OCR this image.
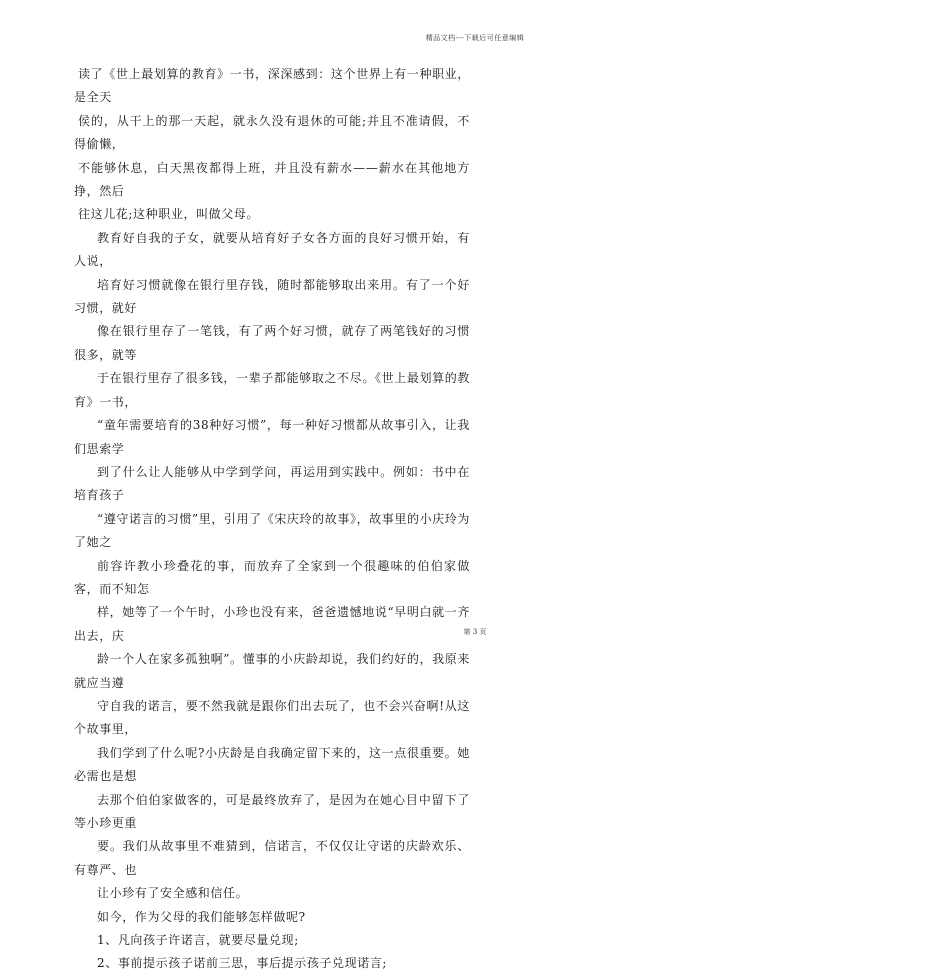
精品文档---下载后可任意编辑

读了《世上最划算的教育》一书，深深感到：这个世界上有一种职业，是全天
侯的，从干上的那一天起，就永久没有退休的可能;并且不准请假，不得偷懒，
不能够休息，白天黑夜都得上班，并且没有薪水——薪水在其他地方挣，然后
往这儿花;这种职业，叫做父母。

教育好自我的子女，就要从培育好子女各方面的良好习惯开始，有人说，
培育好习惯就像在银行里存钱，随时都能够取出来用。有了一个好习惯，就好
像在银行里存了一笔钱，有了两个好习惯，就存了两笔钱好的习惯很多，就等
于在银行里存了很多钱，一辈子都能够取之不尽。《世上最划算的教育》一书，
“童年需要培育的38种好习惯”，每一种好习惯都从故事引入，让我们思索学
到了什么让人能够从中学到学问，再运用到实践中。例如：书中在培育孩子
“遵守诺言的习惯”里，引用了《宋庆玲的故事》，故事里的小庆玲为了她之
前容许教小珍叠花的事，而放弃了全家到一个很趣味的伯伯家做客，而不知怎
样，她等了一个午时，小珍也没有来，爸爸遗憾地说“早明白就一齐出去，庆
龄一个人在家多孤独啊”。懂事的小庆龄却说，我们约好的，我原来就应当遵
守自我的诺言，要不然我就是跟你们出去玩了，也不会兴奋啊!从这个故事里，
我们学到了什么呢?小庆龄是自我确定留下来的，这一点很重要。她必需也是想
去那个伯伯家做客的，可是最终放弃了，是因为在她心目中留下了等小珍更重
要。我们从故事里不难猜到，信诺言，不仅仅让守诺的庆龄欢乐、有尊严、也
让小珍有了安全感和信任。

如今，作为父母的我们能够怎样做呢?

1、凡向孩子许诺言，就要尽量兑现;

2、事前提示孩子诺前三思，事后提示孩子兑现诺言;

第 3 页
